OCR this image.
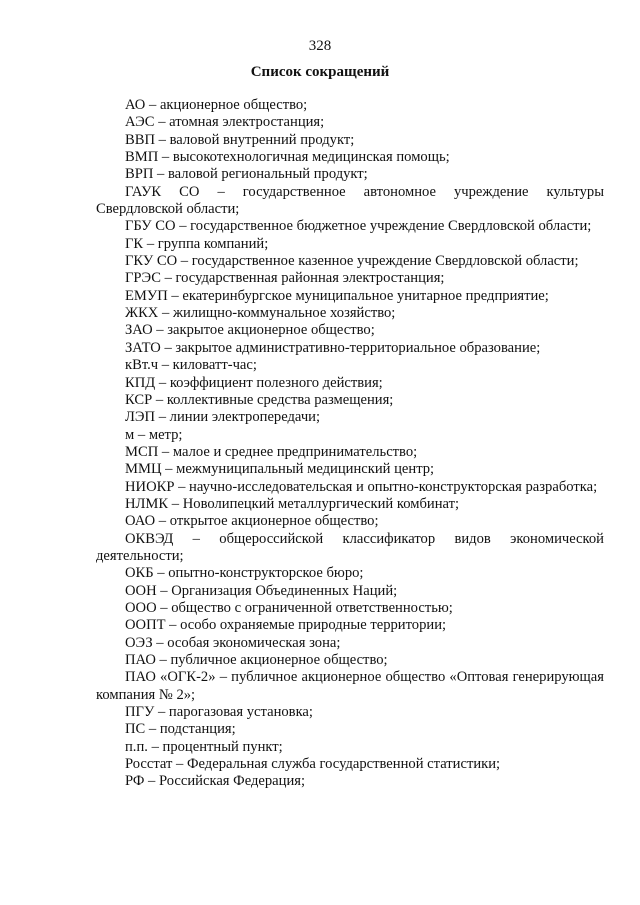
328
Список сокращений
АО – акционерное общество;
АЭС – атомная электростанция;
ВВП – валовой внутренний продукт;
ВМП – высокотехнологичная медицинская помощь;
ВРП – валовой региональный продукт;
ГАУК СО – государственное автономное учреждение культуры Свердловской области;
ГБУ СО – государственное бюджетное учреждение Свердловской области;
ГК – группа компаний;
ГКУ СО – государственное казенное учреждение Свердловской области;
ГРЭС – государственная районная электростанция;
ЕМУП – екатеринбургское муниципальное унитарное предприятие;
ЖКХ – жилищно-коммунальное хозяйство;
ЗАО – закрытое акционерное общество;
ЗАТО – закрытое административно-территориальное образование;
кВт.ч – киловатт-час;
КПД – коэффициент полезного действия;
КСР – коллективные средства размещения;
ЛЭП – линии электропередачи;
м – метр;
МСП – малое и среднее предпринимательство;
ММЦ – межмуниципальный медицинский центр;
НИОКР – научно-исследовательская и опытно-конструкторская разработка;
НЛМК – Новолипецкий металлургический комбинат;
ОАО – открытое акционерное общество;
ОКВЭД – общероссийской классификатор видов экономической деятельности;
ОКБ – опытно-конструкторское бюро;
ООН – Организация Объединенных Наций;
ООО – общество с ограниченной ответственностью;
ООПТ – особо охраняемые природные территории;
ОЭЗ – особая экономическая зона;
ПАО – публичное акционерное общество;
ПАО «ОГК-2» – публичное акционерное общество «Оптовая генерирующая компания № 2»;
ПГУ – парогазовая установка;
ПС – подстанция;
п.п. – процентный пункт;
Росстат – Федеральная служба государственной статистики;
РФ – Российская Федерация;
